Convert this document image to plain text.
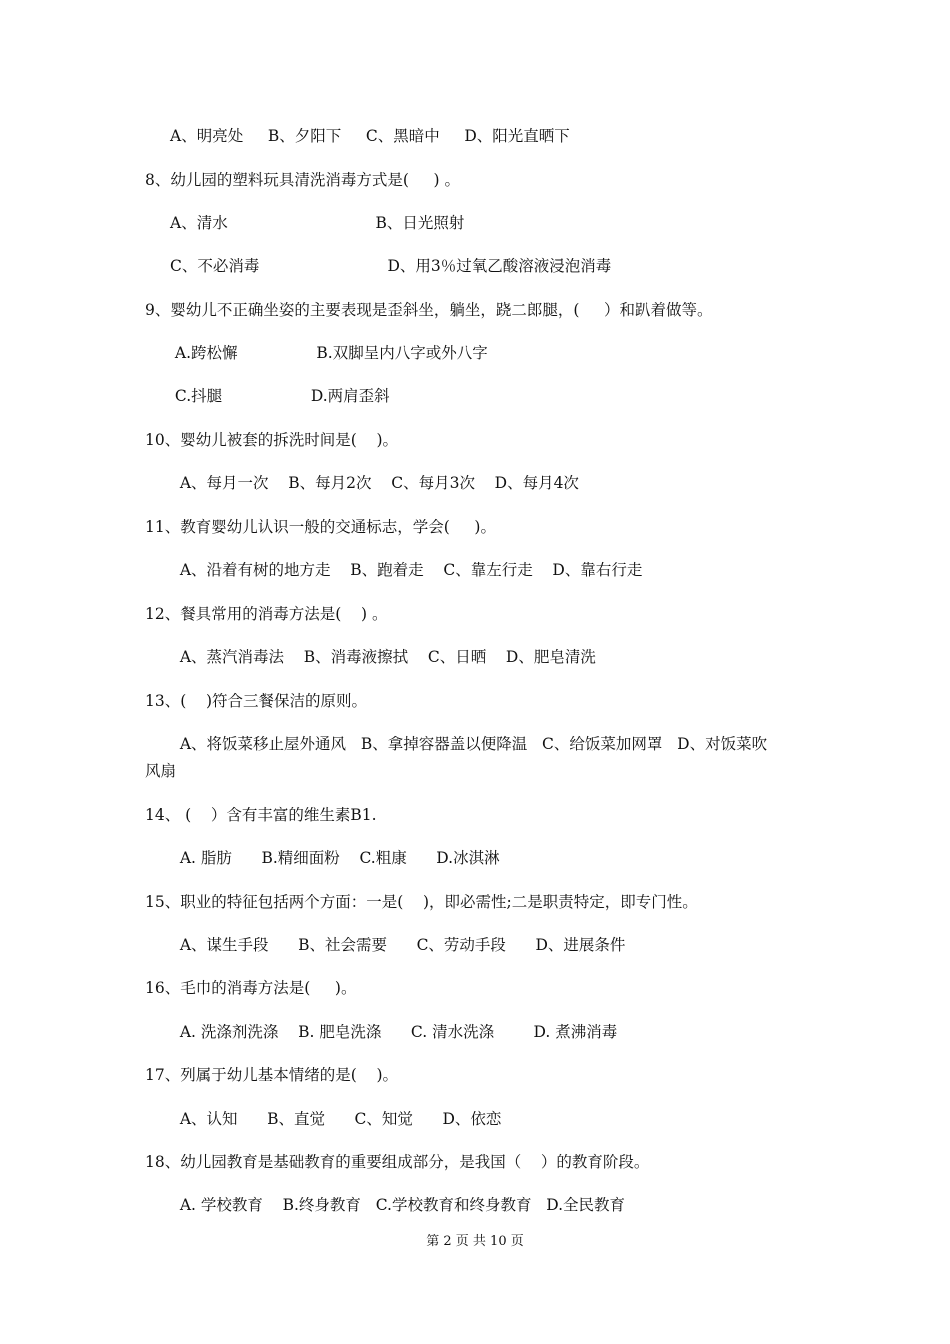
A、明亮处     B、夕阳下     C、黑暗中     D、阳光直晒下

8、幼儿园的塑料玩具清洗消毒方式是(     ) 。

A、清水                              B、日光照射

C、不必消毒                          D、用3％过氧乙酸溶液浸泡消毒

9、婴幼儿不正确坐姿的主要表现是歪斜坐，躺坐，跷二郎腿，(     ）和趴着做等。

A.跨松懈                B.双脚呈内八字或外八字

C.抖腿                  D.两肩歪斜

10、婴幼儿被套的拆洗时间是(    )。

A、每月一次    B、每月2次    C、每月3次    D、每月4次

11、教育婴幼儿认识一般的交通标志，学会(     )。

A、沿着有树的地方走    B、跑着走    C、靠左行走    D、靠右行走

12、餐具常用的消毒方法是(    ) 。

A、蒸汽消毒法    B、消毒液擦拭    C、日晒    D、肥皂清洗

13、(    )符合三餐保洁的原则。

A、将饭菜移止屋外通风   B、拿掉容器盖以便降温   C、给饭菜加网罩   D、对饭菜吹

风扇

14、 (    ）含有丰富的维生素B1.

A. 脂肪      B.精细面粉    C.粗康      D.冰淇淋

15、职业的特征包括两个方面：一是(    )，即必需性;二是职责特定，即专门性。

A、谋生手段      B、社会需要      C、劳动手段      D、进展条件

16、毛巾的消毒方法是(     )。

A. 洗涤剂洗涤    B. 肥皂洗涤      C. 清水洗涤        D. 煮沸消毒

17、列属于幼儿基本情绪的是(    )。

A、认知      B、直觉      C、知觉      D、依恋

18、幼儿园教育是基础教育的重要组成部分，是我国（    ）的教育阶段。

A. 学校教育    B.终身教育   C.学校教育和终身教育   D.全民教育

第 2 页 共 10 页
